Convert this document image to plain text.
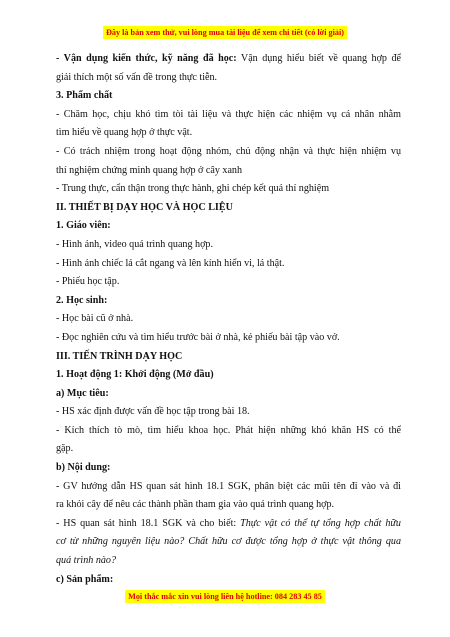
Đây là bản xem thử, vui lòng mua tài liệu để xem chi tiết (có lời giải)
- Vận dụng kiến thức, kỹ năng đã học: Vận dụng hiểu biết về quang hợp để
giải thích một số vấn đề trong thực tiễn.
3. Phẩm chất
- Chăm học, chịu khó tìm tòi tài liệu và thực hiện các nhiệm vụ cá nhân nhằm
tìm hiểu về quang hợp ở thực vật.
- Có trách nhiệm trong hoạt động nhóm, chủ động nhận và thực hiện nhiệm vụ
thí nghiệm chứng minh quang hợp ở cây xanh
- Trung thực, cẩn thận trong thực hành, ghi chép kết quả thí nghiệm
II. THIẾT BỊ DẠY HỌC VÀ HỌC LIỆU
1. Giáo viên:
- Hình ảnh, video quá trình quang hợp.
- Hình ảnh chiếc lá cắt ngang và lên kính hiển vi, lá thật.
- Phiếu học tập.
2. Học sinh:
- Học bài cũ ở nhà.
- Đọc nghiên cứu và tìm hiểu trước bài ở nhà, kẻ phiếu bài tập vào vở.
III. TIẾN TRÌNH DẠY HỌC
1. Hoạt động 1: Khởi động (Mở đầu)
a) Mục tiêu:
- HS xác định được vấn đề học tập trong bài 18.
- Kích thích tò mò, tìm hiểu khoa học. Phát hiện những khó khăn HS có thể
gặp.
b) Nội dung:
- GV hướng dẫn HS quan sát hình 18.1 SGK, phân biệt các mũi tên đi vào và đi
ra khỏi cây để nêu các thành phần tham gia vào quá trình quang hợp.
- HS quan sát hình 18.1 SGK và cho biết: Thực vật có thể tự tổng hợp chất hữu
cơ từ những nguyên liệu nào? Chất hữu cơ được tổng hợp ở thực vật thông qua
quá trình nào?
c) Sản phẩm:
Mọi thắc mắc xin vui lòng liên hệ hotline: 084 283 45 85
